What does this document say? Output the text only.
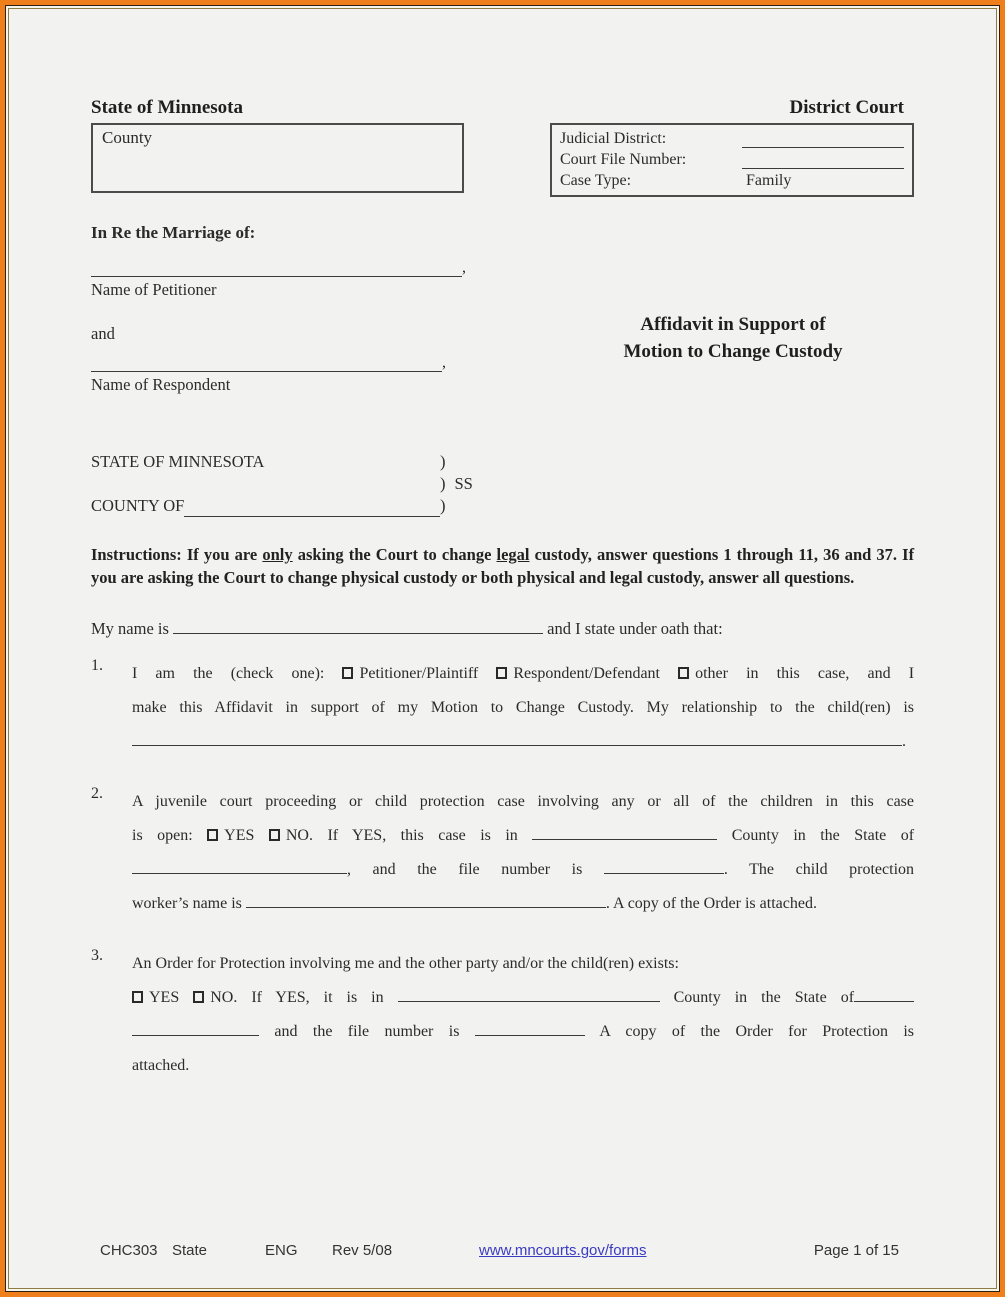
State of Minnesota	District Court
County	Judicial District:
Court File Number:
Case Type:	Family
In Re the Marriage of:
,
Name of Petitioner
and
,
Name of Respondent
Affidavit in Support of
Motion to Change Custody
STATE OF MINNESOTA	)
) SS
COUNTY OF	)

Instructions: If you are only asking the Court to change legal custody, answer questions 1 through 11, 36 and 37. If you are asking the Court to change physical custody or both physical and legal custody, answer all questions.

My name is	and I state under oath that:
1.	I am the (check one): Petitioner/Plaintiff Respondent/Defendant other in this case, and I
make this Affidavit in support of my Motion to Change Custody. My relationship to the child(ren) is
.
2.	A juvenile court proceeding or child protection case involving any or all of the children in this case
is open: YES NO. If YES, this case is in	County in the State of
, and the file number is	. The child protection
worker’s name is	. A copy of the Order is attached.
3.	An Order for Protection involving me and the other party and/or the child(ren) exists:
YES NO. If YES, it is in	County in the State of
and the file number is	A copy of the Order for Protection is
attached.
CHC303 State	ENG Rev 5/08	www.mncourts.gov/forms	Page 1 of 15
